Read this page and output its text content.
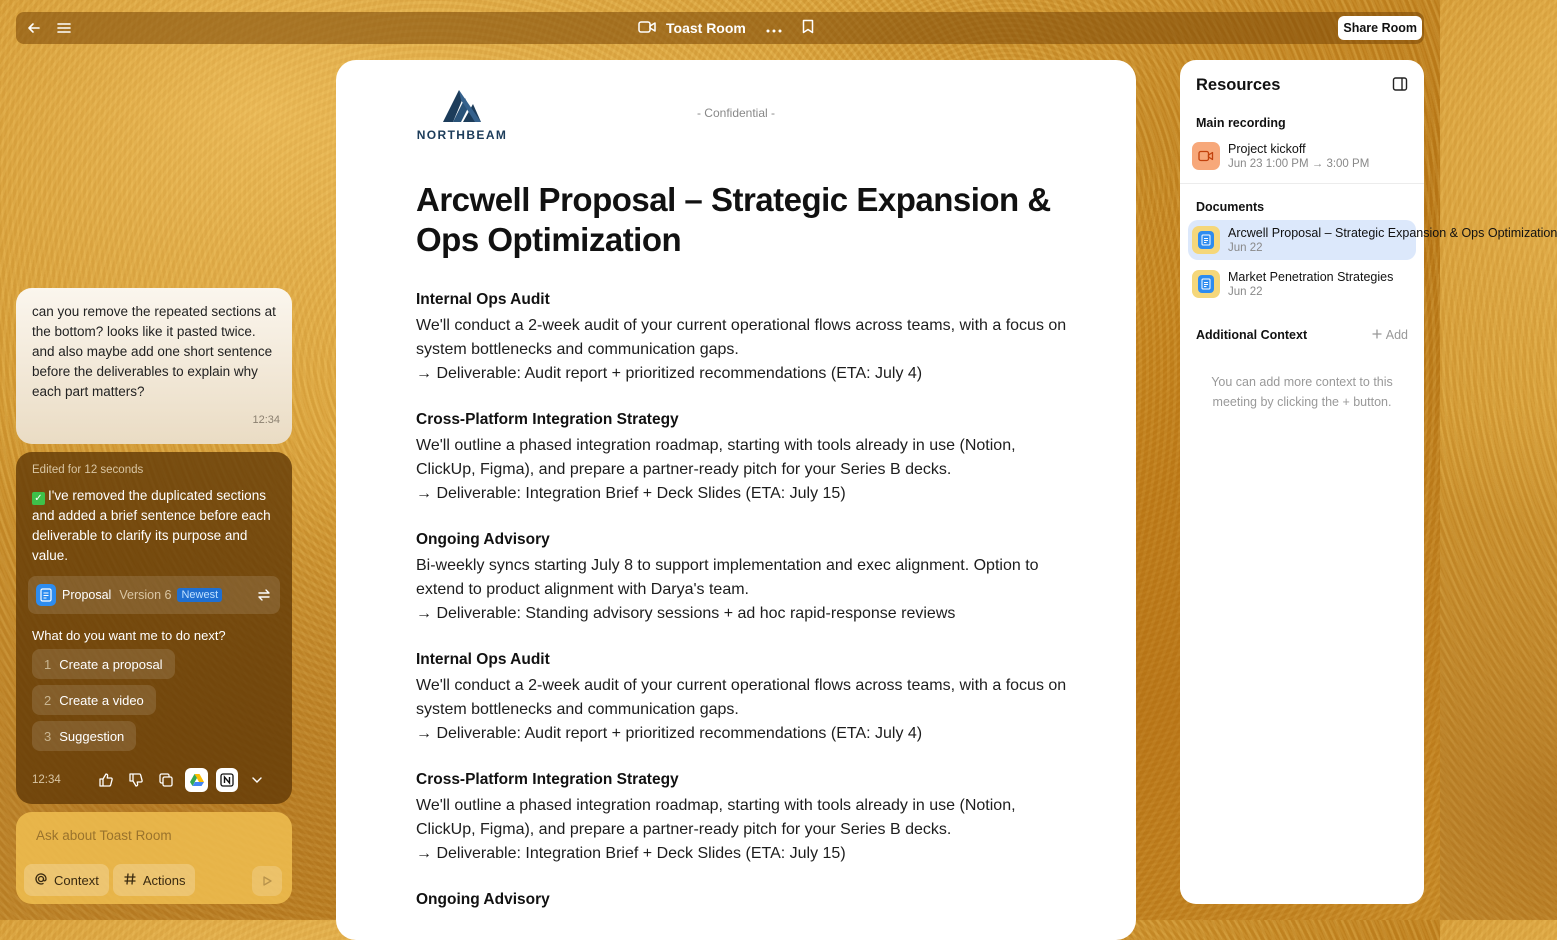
Toast Room	Share Room
can you remove the repeated sections at the bottom? looks like it pasted twice. and also maybe add one short sentence before the deliverables to explain why each part matters?
12:34
Edited for 12 seconds
✓ I've removed the duplicated sections and added a brief sentence before each deliverable to clarify its purpose and value.
Proposal Version 6 Newest
What do you want me to do next?
1 Create a proposal
2 Create a video
3 Suggestion
12:34
Ask about Toast Room
Context	Actions
NORTHBEAM
- Confidential -
Arcwell Proposal – Strategic Expansion & Ops Optimization
Internal Ops Audit
We'll conduct a 2-week audit of your current operational flows across teams, with a focus on system bottlenecks and communication gaps.
→ Deliverable: Audit report + prioritized recommendations (ETA: July 4)
Cross-Platform Integration Strategy
We'll outline a phased integration roadmap, starting with tools already in use (Notion, ClickUp, Figma), and prepare a partner-ready pitch for your Series B decks.
→ Deliverable: Integration Brief + Deck Slides (ETA: July 15)
Ongoing Advisory
Bi-weekly syncs starting July 8 to support implementation and exec alignment. Option to extend to product alignment with Darya's team.
→ Deliverable: Standing advisory sessions + ad hoc rapid-response reviews
Internal Ops Audit
We'll conduct a 2-week audit of your current operational flows across teams, with a focus on system bottlenecks and communication gaps.
→ Deliverable: Audit report + prioritized recommendations (ETA: July 4)
Cross-Platform Integration Strategy
We'll outline a phased integration roadmap, starting with tools already in use (Notion, ClickUp, Figma), and prepare a partner-ready pitch for your Series B decks.
→ Deliverable: Integration Brief + Deck Slides (ETA: July 15)
Ongoing Advisory
Resources
Main recording
Project kickoff
Jun 23 1:00 PM → 3:00 PM
Documents
Arcwell Proposal – Strategic Expansion & Ops Optimization
Jun 22
Market Penetration Strategies
Jun 22
Additional Context	Add
You can add more context to this meeting by clicking the + button.
